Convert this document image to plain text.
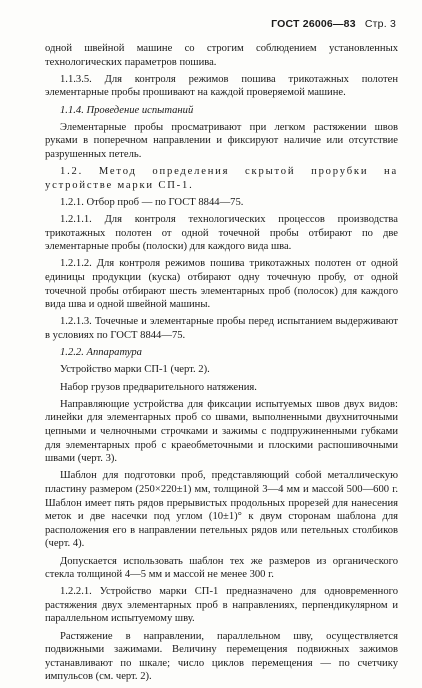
ГОСТ 26006—83 Стр. 3

одной швейной машине со строгим соблюдением установленных технологических параметров пошива.

1.1.3.5. Для контроля режимов пошива трикотажных полотен элементарные пробы прошивают на каждой проверяемой машине.

1.1.4. Проведение испытаний

Элементарные пробы просматривают при легком растяжении швов руками в поперечном направлении и фиксируют наличие или отсутствие разрушенных петель.

1.2. Метод определения скрытой прорубки на устройстве марки СП-1.

1.2.1. Отбор проб — по ГОСТ 8844—75.

1.2.1.1. Для контроля технологических процессов производства трикотажных полотен от одной точечной пробы отбирают по две элементарные пробы (полоски) для каждого вида шва.

1.2.1.2. Для контроля режимов пошива трикотажных полотен от одной единицы продукции (куска) отбирают одну точечную пробу, от одной точечной пробы отбирают шесть элементарных проб (полосок) для каждого вида шва и одной швейной машины.

1.2.1.3. Точечные и элементарные пробы перед испытанием выдерживают в условиях по ГОСТ 8844—75.

1.2.2. Аппаратура

Устройство марки СП-1 (черт. 2).

Набор грузов предварительного натяжения.

Направляющие устройства для фиксации испытуемых швов двух видов: линейки для элементарных проб со швами, выполненными двухниточными цепными и челночными строчками и зажимы с подпружиненными губками для элементарных проб с краеобметочными и плоскими распошивочными швами (черт. 3).

Шаблон для подготовки проб, представляющий собой металлическую пластину размером (250×220±1) мм, толщиной 3—4 мм и массой 500—600 г. Шаблон имеет пять рядов прерывистых продольных прорезей для нанесения меток и две насечки под углом (10±1)° к двум сторонам шаблона для расположения его в направлении петельных рядов или петельных столбиков (черт. 4).

Допускается использовать шаблон тех же размеров из органического стекла толщиной 4—5 мм и массой не менее 300 г.

1.2.2.1. Устройство марки СП-1 предназначено для одновременного растяжения двух элементарных проб в направлениях, перпендикулярном и параллельном испытуемому шву.

Растяжение в направлении, параллельном шву, осуществляется подвижными зажимами. Величину перемещения подвижных зажимов устанавливают по шкале; число циклов перемещения — по счетчику импульсов (см. черт. 2).
